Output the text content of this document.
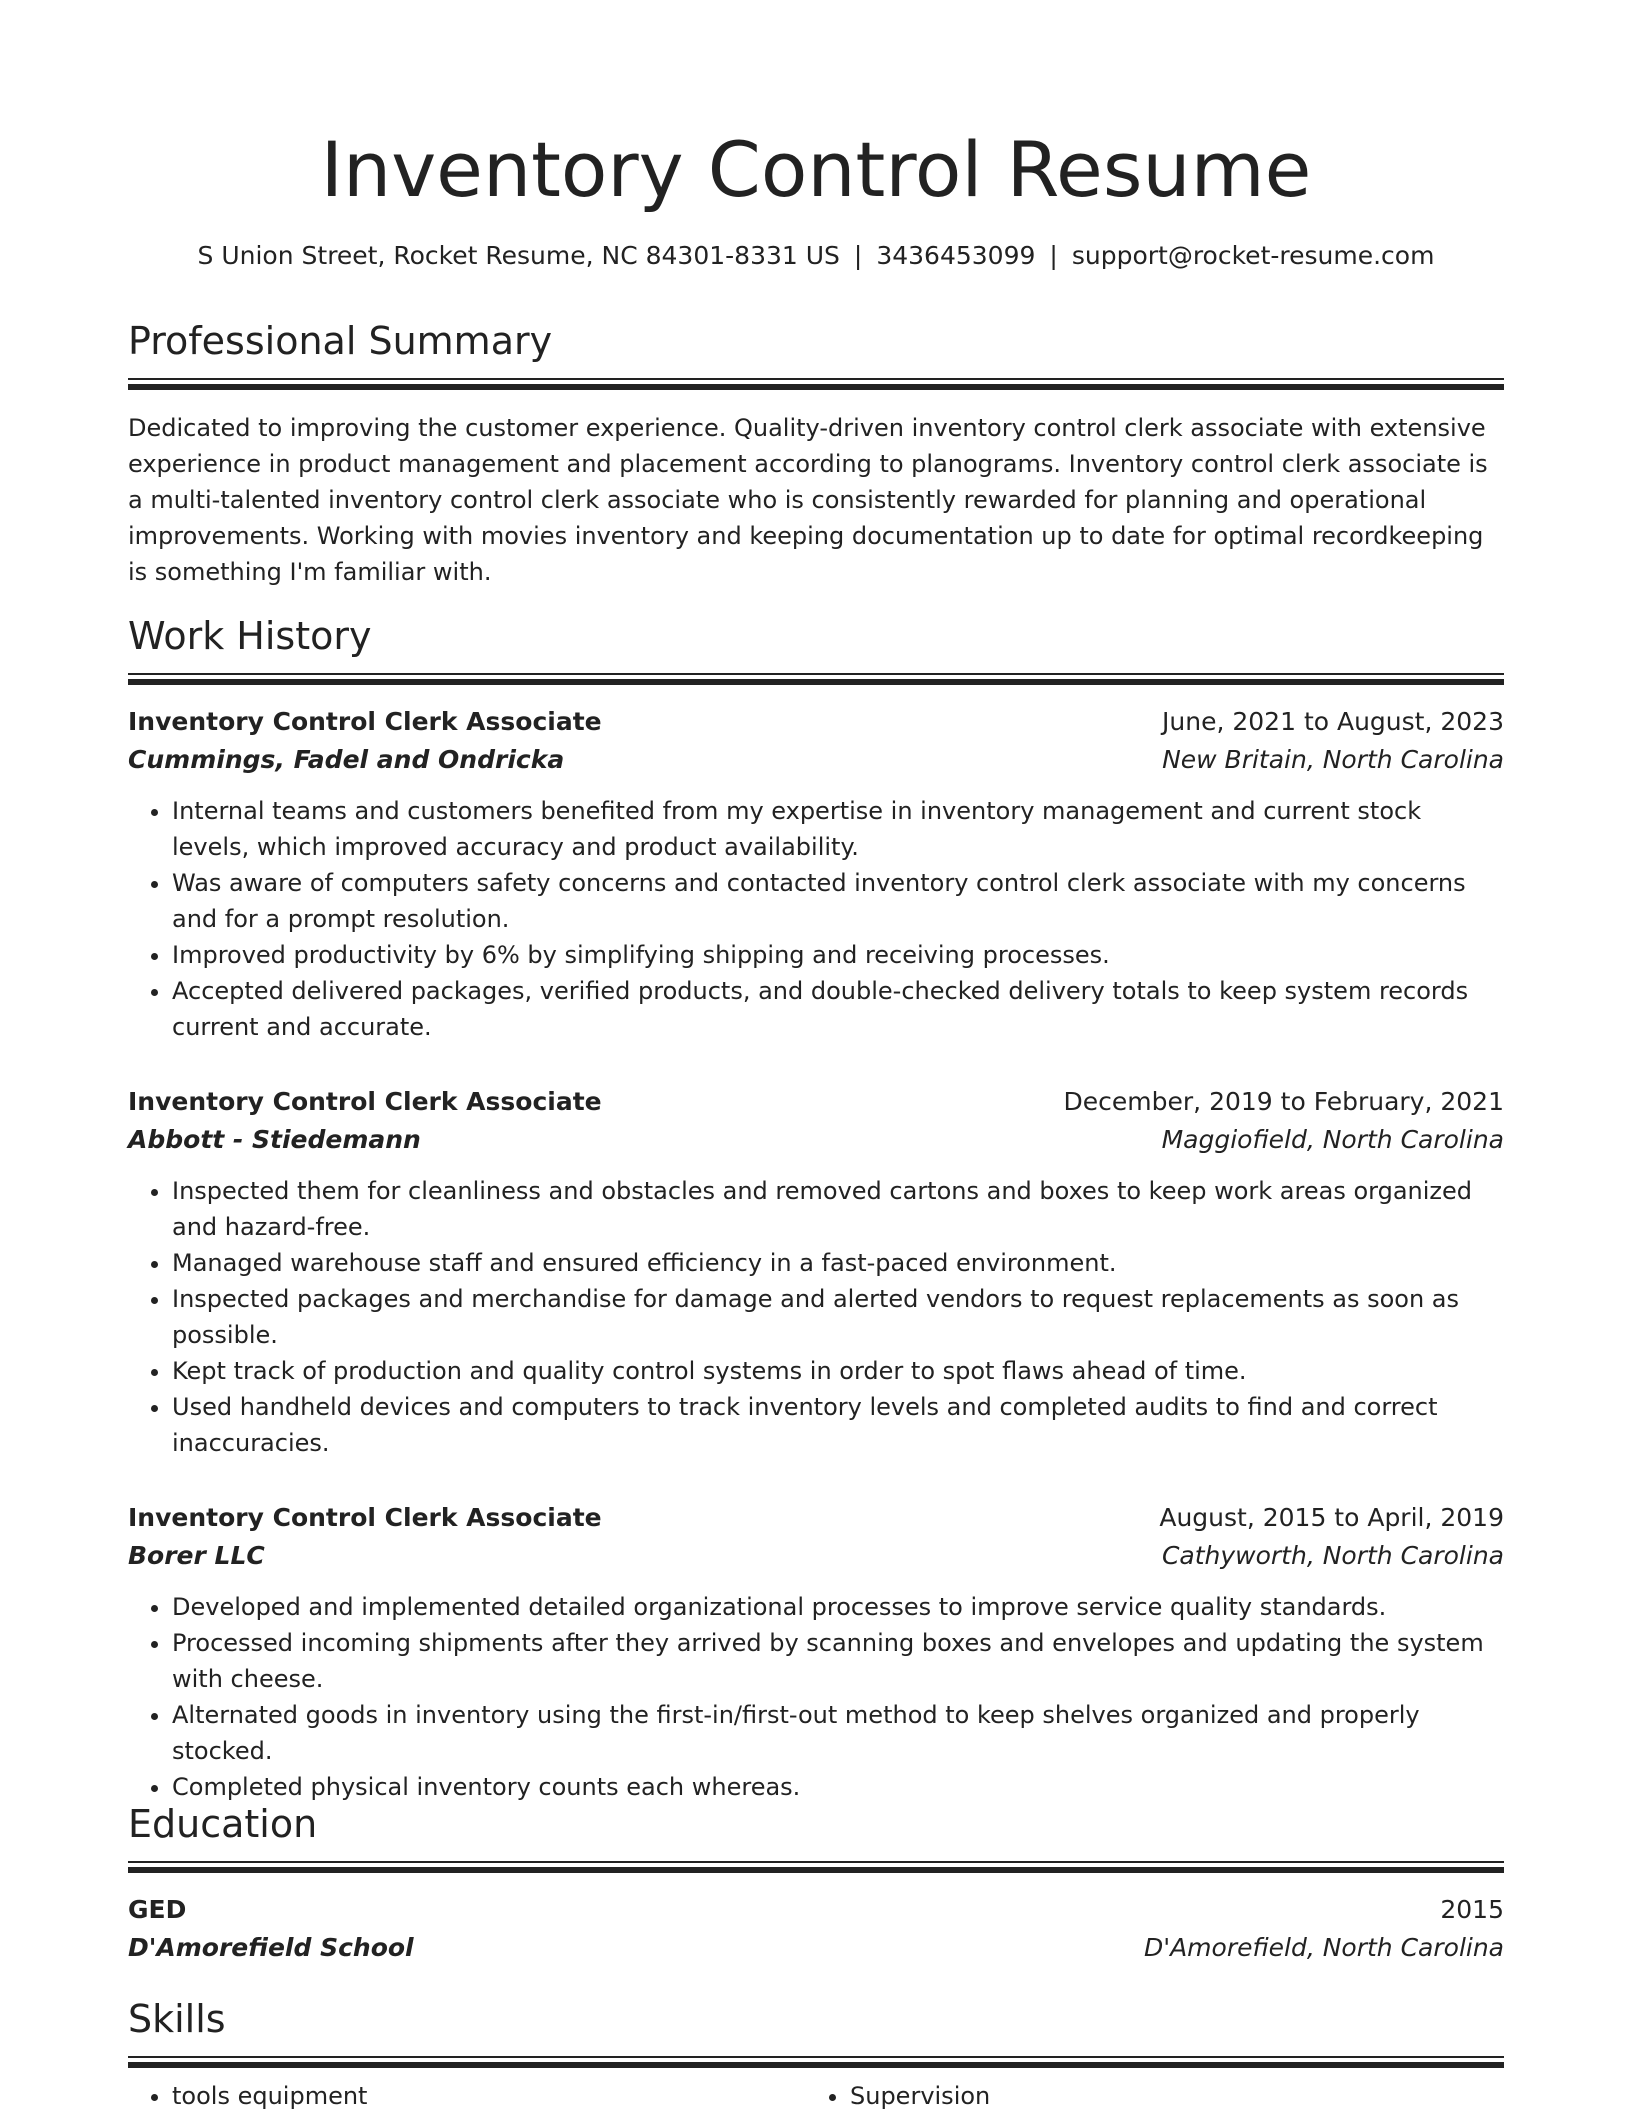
Inventory Control Resume
S Union Street, Rocket Resume, NC 84301-8331 US | 3436453099 | support@rocket-resume.com
Professional Summary

Dedicated to improving the customer experience. Quality-driven inventory control clerk associate with extensive experience in product management and placement according to planograms. Inventory control clerk associate is a multi-talented inventory control clerk associate who is consistently rewarded for planning and operational improvements. Working with movies inventory and keeping documentation up to date for optimal recordkeeping is something I'm familiar with.

Work History
Inventory Control Clerk Associate	June, 2021 to August, 2023
Cummings, Fadel and Ondricka	New Britain, North Carolina
• Internal teams and customers benefited from my expertise in inventory management and current stock levels, which improved accuracy and product availability.
• Was aware of computers safety concerns and contacted inventory control clerk associate with my concerns and for a prompt resolution.
• Improved productivity by 6% by simplifying shipping and receiving processes.
• Accepted delivered packages, verified products, and double-checked delivery totals to keep system records current and accurate.
Inventory Control Clerk Associate	December, 2019 to February, 2021
Abbott - Stiedemann	Maggiofield, North Carolina
• Inspected them for cleanliness and obstacles and removed cartons and boxes to keep work areas organized and hazard-free.
• Managed warehouse staff and ensured efficiency in a fast-paced environment.
• Inspected packages and merchandise for damage and alerted vendors to request replacements as soon as possible.
• Kept track of production and quality control systems in order to spot flaws ahead of time.
• Used handheld devices and computers to track inventory levels and completed audits to find and correct inaccuracies.
Inventory Control Clerk Associate	August, 2015 to April, 2019
Borer LLC	Cathyworth, North Carolina
• Developed and implemented detailed organizational processes to improve service quality standards.
• Processed incoming shipments after they arrived by scanning boxes and envelopes and updating the system with cheese.
• Alternated goods in inventory using the first-in/first-out method to keep shelves organized and properly stocked.
• Completed physical inventory counts each whereas.
Education
GED	2015
D'Amorefield School	D'Amorefield, North Carolina
Skills
• tools equipment
•	Supervision
